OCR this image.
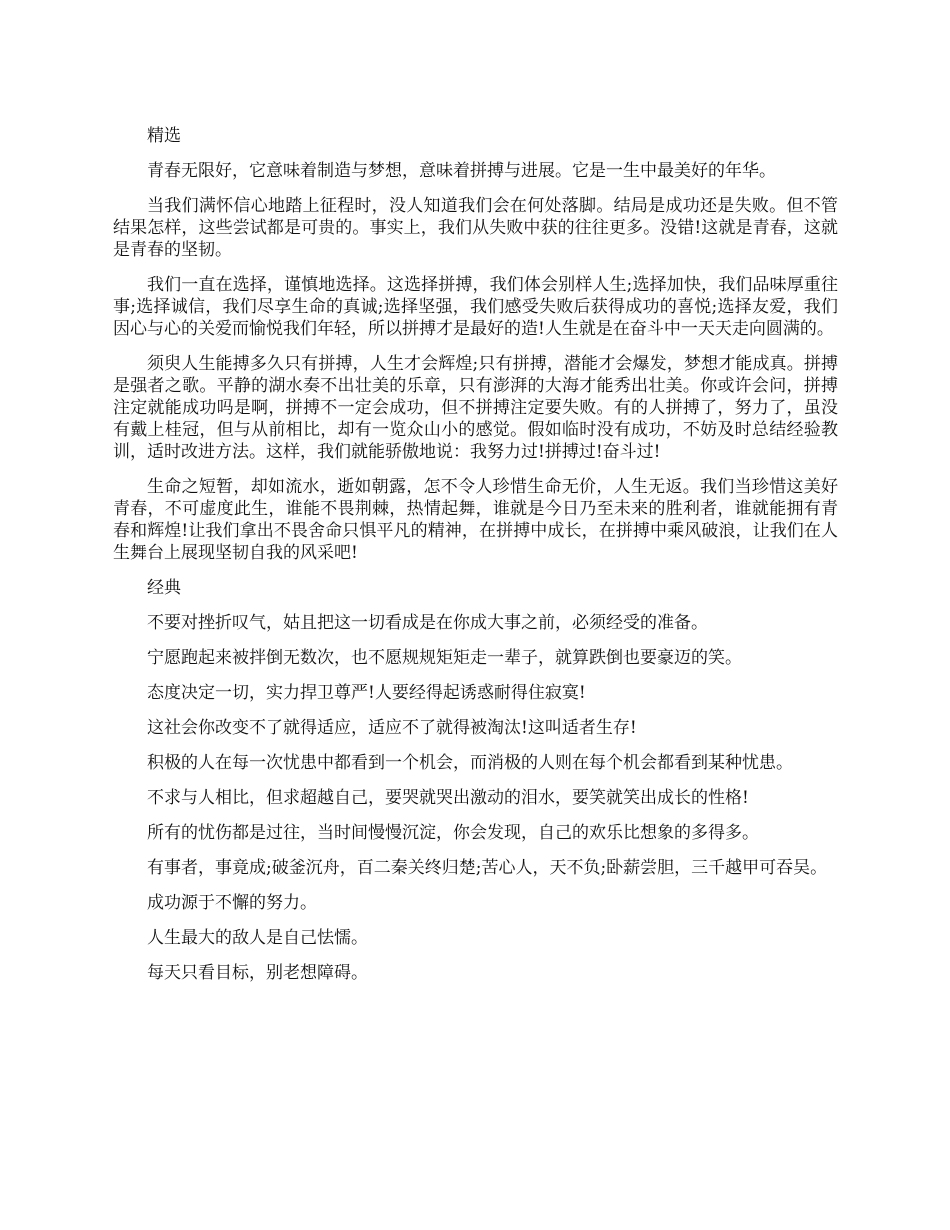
精选

青春无限好，它意味着制造与梦想，意味着拼搏与进展。它是一生中最美好的年华。

当我们满怀信心地踏上征程时，没人知道我们会在何处落脚。结局是成功还是失败。但不管结果怎样，这些尝试都是可贵的。事实上，我们从失败中获的往往更多。没错!这就是青春，这就是青春的坚韧。

我们一直在选择，谨慎地选择。这选择拼搏，我们体会别样人生;选择加快，我们品味厚重往事;选择诚信，我们尽享生命的真诚;选择坚强，我们感受失败后获得成功的喜悦;选择友爱，我们因心与心的关爱而愉悦我们年轻，所以拼搏才是最好的造!人生就是在奋斗中一天天走向圆满的。

须臾人生能搏多久只有拼搏，人生才会辉煌;只有拼搏，潜能才会爆发，梦想才能成真。拼搏是强者之歌。平静的湖水奏不出壮美的乐章，只有澎湃的大海才能秀出壮美。你或许会问，拼搏注定就能成功吗是啊，拼搏不一定会成功，但不拼搏注定要失败。有的人拼搏了，努力了，虽没有戴上桂冠，但与从前相比，却有一览众山小的感觉。假如临时没有成功，不妨及时总结经验教训，适时改进方法。这样，我们就能骄傲地说：我努力过!拼搏过!奋斗过!

生命之短暂，却如流水，逝如朝露，怎不令人珍惜生命无价，人生无返。我们当珍惜这美好青春，不可虚度此生，谁能不畏荆棘，热情起舞，谁就是今日乃至未来的胜利者，谁就能拥有青春和辉煌!让我们拿出不畏舍命只惧平凡的精神，在拼搏中成长，在拼搏中乘风破浪，让我们在人生舞台上展现坚韧自我的风采吧!

经典

不要对挫折叹气，姑且把这一切看成是在你成大事之前，必须经受的准备。

宁愿跑起来被拌倒无数次，也不愿规规矩矩走一辈子，就算跌倒也要豪迈的笑。

态度决定一切，实力捍卫尊严!人要经得起诱惑耐得住寂寞!

这社会你改变不了就得适应，适应不了就得被淘汰!这叫适者生存!

积极的人在每一次忧患中都看到一个机会，而消极的人则在每个机会都看到某种忧患。

不求与人相比，但求超越自己，要哭就哭出激动的泪水，要笑就笑出成长的性格!

所有的忧伤都是过往，当时间慢慢沉淀，你会发现，自己的欢乐比想象的多得多。

有事者，事竟成;破釜沉舟，百二秦关终归楚;苦心人，天不负;卧薪尝胆，三千越甲可吞吴。

成功源于不懈的努力。

人生最大的敌人是自己怯懦。

每天只看目标，别老想障碍。
